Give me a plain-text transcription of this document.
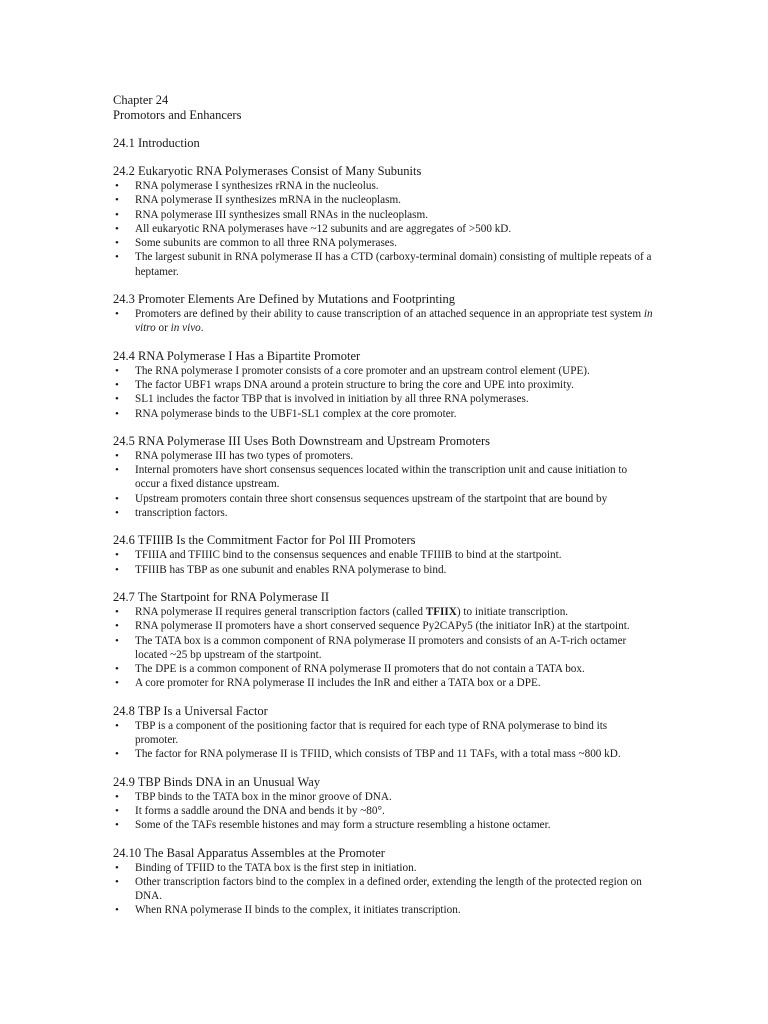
Chapter 24
Promotors and Enhancers
24.1 Introduction
24.2 Eukaryotic RNA Polymerases Consist of Many Subunits
• RNA polymerase I synthesizes rRNA in the nucleolus.
• RNA polymerase II synthesizes mRNA in the nucleoplasm.
• RNA polymerase III synthesizes small RNAs in the nucleoplasm.
• All eukaryotic RNA polymerases have ~12 subunits and are aggregates of >500 kD.
• Some subunits are common to all three RNA polymerases.
• The largest subunit in RNA polymerase II has a CTD (carboxy-terminal domain) consisting of multiple repeats of a heptamer.
24.3 Promoter Elements Are Defined by Mutations and Footprinting
• Promoters are defined by their ability to cause transcription of an attached sequence in an appropriate test system in vitro or in vivo.
24.4 RNA Polymerase I Has a Bipartite Promoter
• The RNA polymerase I promoter consists of a core promoter and an upstream control element (UPE).
• The factor UBF1 wraps DNA around a protein structure to bring the core and UPE into proximity.
• SL1 includes the factor TBP that is involved in initiation by all three RNA polymerases.
• RNA polymerase binds to the UBF1-SL1 complex at the core promoter.
24.5 RNA Polymerase III Uses Both Downstream and Upstream Promoters
• RNA polymerase III has two types of promoters.
• Internal promoters have short consensus sequences located within the transcription unit and cause initiation to occur a fixed distance upstream.
• Upstream promoters contain three short consensus sequences upstream of the startpoint that are bound by
• transcription factors.
24.6 TFIIIB Is the Commitment Factor for Pol III Promoters
• TFIIIA and TFIIIC bind to the consensus sequences and enable TFIIIB to bind at the startpoint.
• TFIIIB has TBP as one subunit and enables RNA polymerase to bind.
24.7 The Startpoint for RNA Polymerase II
• RNA polymerase II requires general transcription factors (called TFIIX) to initiate transcription.
• RNA polymerase II promoters have a short conserved sequence Py2CAPy5 (the initiator InR) at the startpoint.
• The TATA box is a common component of RNA polymerase II promoters and consists of an A-T-rich octamer located ~25 bp upstream of the startpoint.
• The DPE is a common component of RNA polymerase II promoters that do not contain a TATA box.
• A core promoter for RNA polymerase II includes the InR and either a TATA box or a DPE.
24.8 TBP Is a Universal Factor
• TBP is a component of the positioning factor that is required for each type of RNA polymerase to bind its promoter.
• The factor for RNA polymerase II is TFIID, which consists of TBP and 11 TAFs, with a total mass ~800 kD.
24.9 TBP Binds DNA in an Unusual Way
• TBP binds to the TATA box in the minor groove of DNA.
• It forms a saddle around the DNA and bends it by ~80°.
• Some of the TAFs resemble histones and may form a structure resembling a histone octamer.
24.10 The Basal Apparatus Assembles at the Promoter
• Binding of TFIID to the TATA box is the first step in initiation.
• Other transcription factors bind to the complex in a defined order, extending the length of the protected region on DNA.
• When RNA polymerase II binds to the complex, it initiates transcription.
